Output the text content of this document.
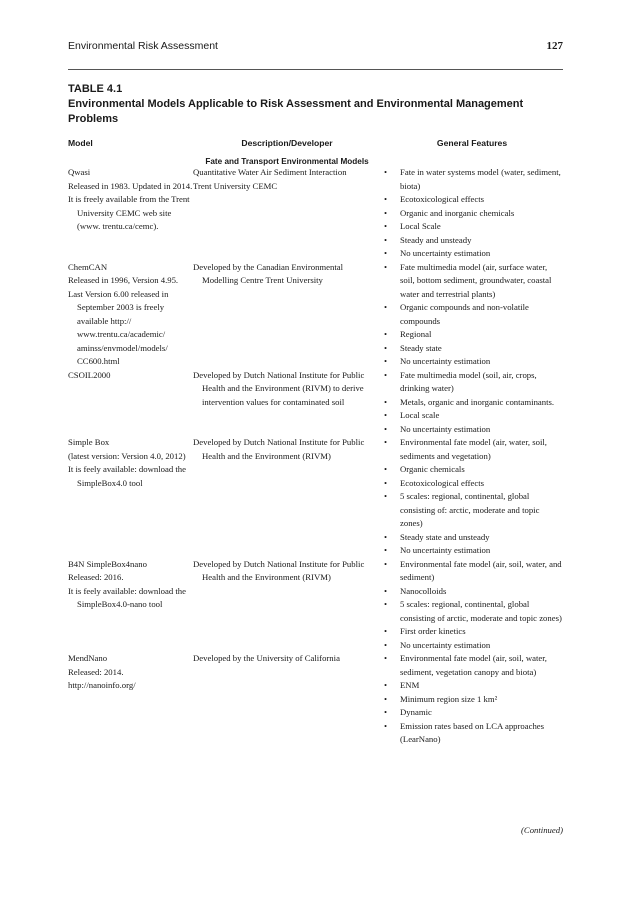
Environmental Risk Assessment	127
TABLE 4.1
Environmental Models Applicable to Risk Assessment and Environmental Management Problems
Model	Description/Developer	General Features
Fate and Transport Environmental Models
Qwasi
Released in 1983. Updated in 2014.
It is freely available from the Trent University CEMC web site (www. trentu.ca/cemc).
Quantitative Water Air Sediment Interaction
Trent University CEMC
• Fate in water systems model (water, sediment, biota)
• Ecotoxicological effects
• Organic and inorganic chemicals
• Local Scale
• Steady and unsteady
• No uncertainty estimation
ChemCAN
Released in 1996, Version 4.95.
Last Version 6.00 released in September 2003 is freely available http:// www.trentu.ca/academic/ aminss/envmodel/models/ CC600.html
Developed by the Canadian Environmental Modelling Centre Trent University
• Fate multimedia model (air, surface water, soil, bottom sediment, groundwater, coastal water and terrestrial plants)
• Organic compounds and non-volatile compounds
• Regional
• Steady state
• No uncertainty estimation
CSOIL2000	Developed by Dutch National Institute for Public Health and the Environment (RIVM) to derive intervention values for contaminated soil
• Fate multimedia model (soil, air, crops, drinking water)
• Metals, organic and inorganic contaminants.
• Local scale
• No uncertainty estimation
Simple Box
(latest version: Version 4.0, 2012)
It is feely available: download the SimpleBox4.0 tool
Developed by Dutch National Institute for Public Health and the Environment (RIVM)
• Environmental fate model (air, water, soil, sediments and vegetation)
• Organic chemicals
• Ecotoxicological effects
• 5 scales: regional, continental, global consisting of: arctic, moderate and topic zones)
• Steady state and unsteady
• No uncertainty estimation
B4N SimpleBox4nano
Released: 2016.
It is feely available: download the SimpleBox4.0-nano tool
Developed by Dutch National Institute for Public Health and the Environment (RIVM)
• Environmental fate model (air, soil, water, and sediment)
• Nanocolloids
• 5 scales: regional, continental, global consisting of arctic, moderate and topic zones)
• First order kinetics
• No uncertainty estimation
MendNano
Released: 2014.
http://nanoinfo.org/
Developed by the University of California
•	Environmental fate model (air, soil, water, sediment, vegetation canopy and biota)
• ENM
• Minimum region size 1 km²
• Dynamic
• Emission rates based on LCA approaches (LearNano)
(Continued)
